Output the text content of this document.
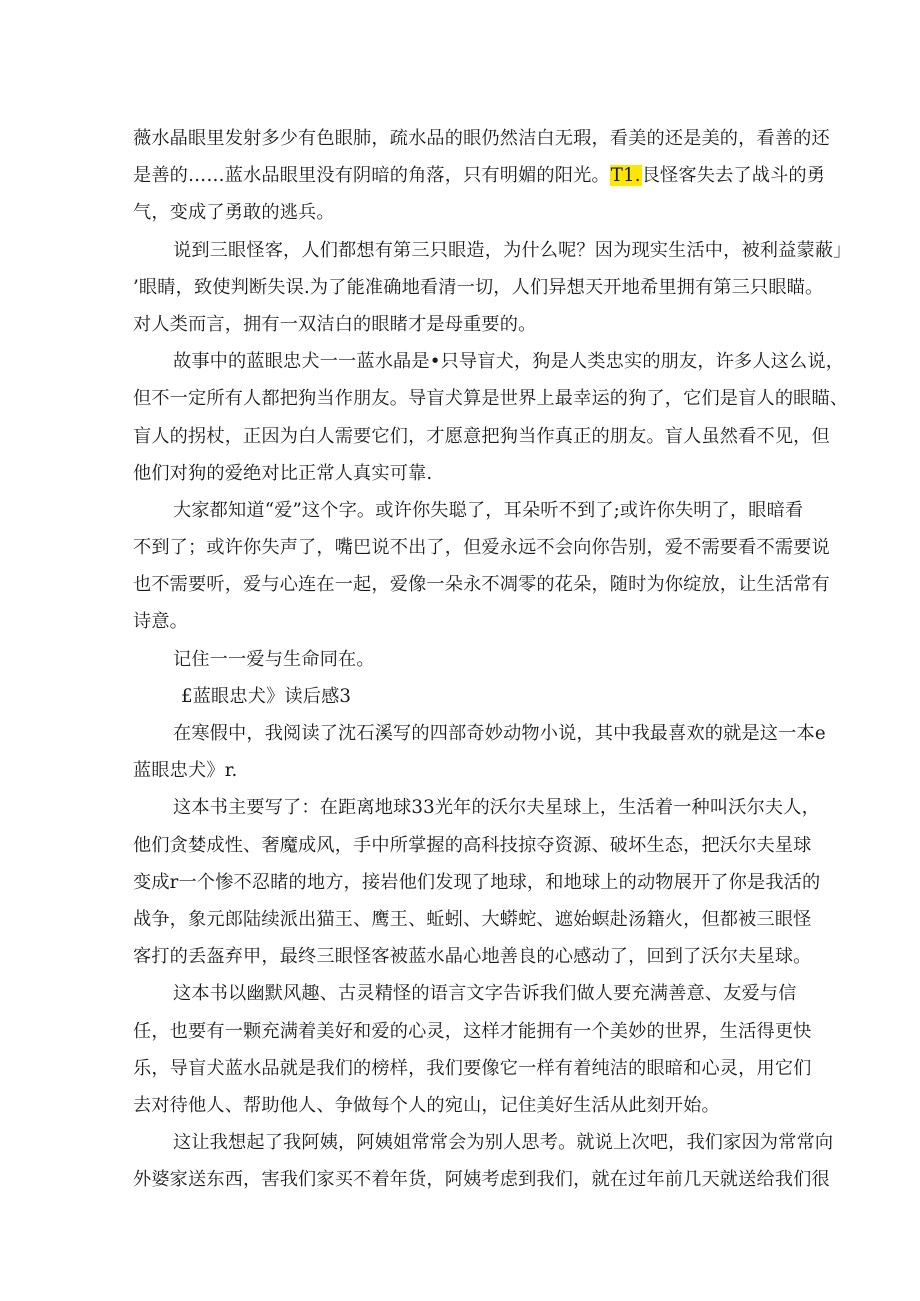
薇水晶眼里发射多少有色眼肺，疏水品的眼仍然洁白无瑕，看美的还是美的，看善的还
是善的……蓝水品眼里没有阴暗的角落，只有明媚的阳光。T1.艮怪客失去了战斗的勇
气，变成了勇敢的逃兵。
说到三眼怪客，人们都想有第三只眼造，为什么呢？因为现实生活中，被利益蒙蔽」
’眼睛，致使判断失误.为了能准确地看清一切，人们异想天开地希里拥有第三只眼瞄。
对人类而言，拥有一双洁白的眼睹才是母重要的。
故事中的蓝眼忠犬一一蓝水晶是•只导盲犬，狗是人类忠实的朋友，许多人这么说，
但不一定所有人都把狗当作朋友。导盲犬算是世界上最幸运的狗了，它们是盲人的眼瞄、
盲人的拐杖，正因为白人需要它们，才愿意把狗当作真正的朋友。盲人虽然看不见，但
他们对狗的爱绝对比正常人真实可靠.
大家都知道“爱”这个字。或许你失聪了，耳朵听不到了;或许你失明了，眼暗看
不到了；或许你失声了，嘴巴说不出了，但爱永远不会向你告别，爱不需要看不需要说
也不需要听，爱与心连在一起，爱像一朵永不凋零的花朵，随时为你绽放，让生活常有
诗意。
记住一一爱与生命同在。
£蓝眼忠犬》读后感3
在寒假中，我阅读了沈石溪写的四部奇妙动物小说，其中我最喜欢的就是这一本e
蓝眼忠犬》r.
这本书主要写了：在距离地球33光年的沃尔夫星球上，生活着一种叫沃尔夫人，
他们贪婪成性、奢魔成风，手中所掌握的高科技掠夺资源、破坏生态，把沃尔夫星球
变成r一个惨不忍睹的地方，接岩他们发现了地球，和地球上的动物展开了你是我活的
战争，象元郎陆续派出猫王、鹰王、蚯蚓、大蟒蛇、遮始螟赴汤籍火，但都被三眼怪
客打的丢盔弃甲，最终三眼怪客被蓝水晶心地善良的心感动了，回到了沃尔夫星球。
这本书以幽默风趣、古灵精怪的语言文字告诉我们做人要充满善意、友爱与信
任，也要有一颗充满着美好和爱的心灵，这样才能拥有一个美妙的世界，生活得更快
乐，导盲犬蓝水品就是我们的榜样，我们要像它一样有着纯洁的眼暗和心灵，用它们
去对待他人、帮助他人、争做每个人的宛山，记住美好生活从此刻开始。
这让我想起了我阿姨，阿姨姐常常会为别人思考。就说上次吧，我们家因为常常向
外婆家送东西，害我们家买不着年货，阿姨考虑到我们，就在过年前几天就送给我们很
